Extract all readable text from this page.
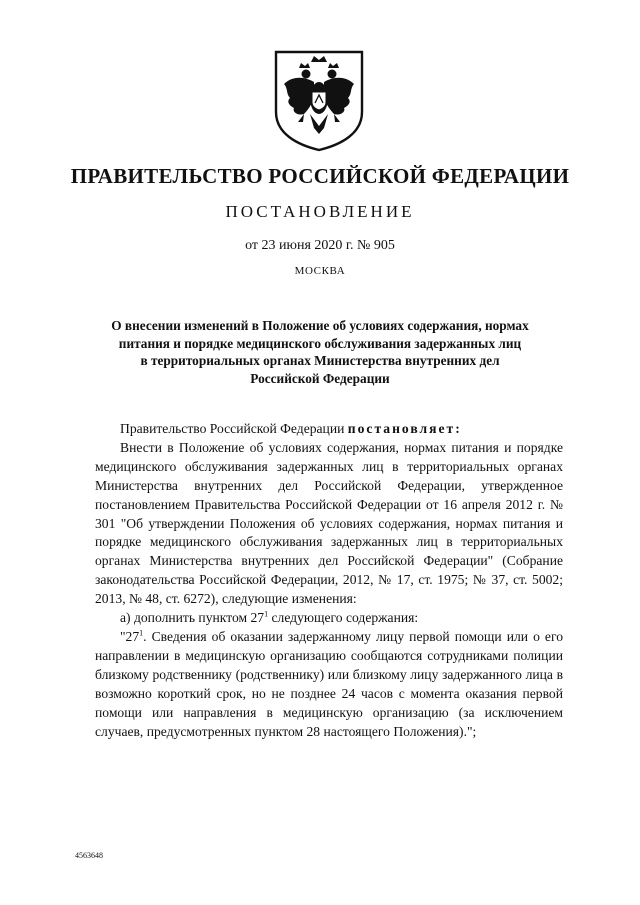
ПРАВИТЕЛЬСТВО РОССИЙСКОЙ ФЕДЕРАЦИИ
ПОСТАНОВЛЕНИЕ
от 23 июня 2020 г. № 905
МОСКВА
О внесении изменений в Положение об условиях содержания, нормах
питания и порядке медицинского обслуживания задержанных лиц
в территориальных органах Министерства внутренних дел
Российской Федерации

Правительство Российской Федерации постановляет:

Внести в Положение об условиях содержания, нормах питания и порядке медицинского обслуживания задержанных лиц в территориальных органах Министерства внутренних дел Российской Федерации, утвержденное постановлением Правительства Российской Федерации от 16 апреля 2012 г. № 301 "Об утверждении Положения об условиях содержания, нормах питания и порядке медицинского обслуживания задержанных лиц в территориальных органах Министерства внутренних дел Российской Федерации" (Собрание законодательства Российской Федерации, 2012, № 17, ст. 1975; № 37, ст. 5002; 2013, № 48, ст. 6272), следующие изменения:

а) дополнить пунктом $27^1$ следующего содержания:

"$27^1$. Сведения об оказании задержанному лицу первой помощи или о его направлении в медицинскую организацию сообщаются сотрудниками полиции близкому родственнику (родственнику) или близкому лицу задержанного лица в возможно короткий срок, но не позднее 24 часов с момента оказания первой помощи или направления в медицинскую организацию (за исключением случаев, предусмотренных пунктом 28 настоящего Положения).";

4563648
